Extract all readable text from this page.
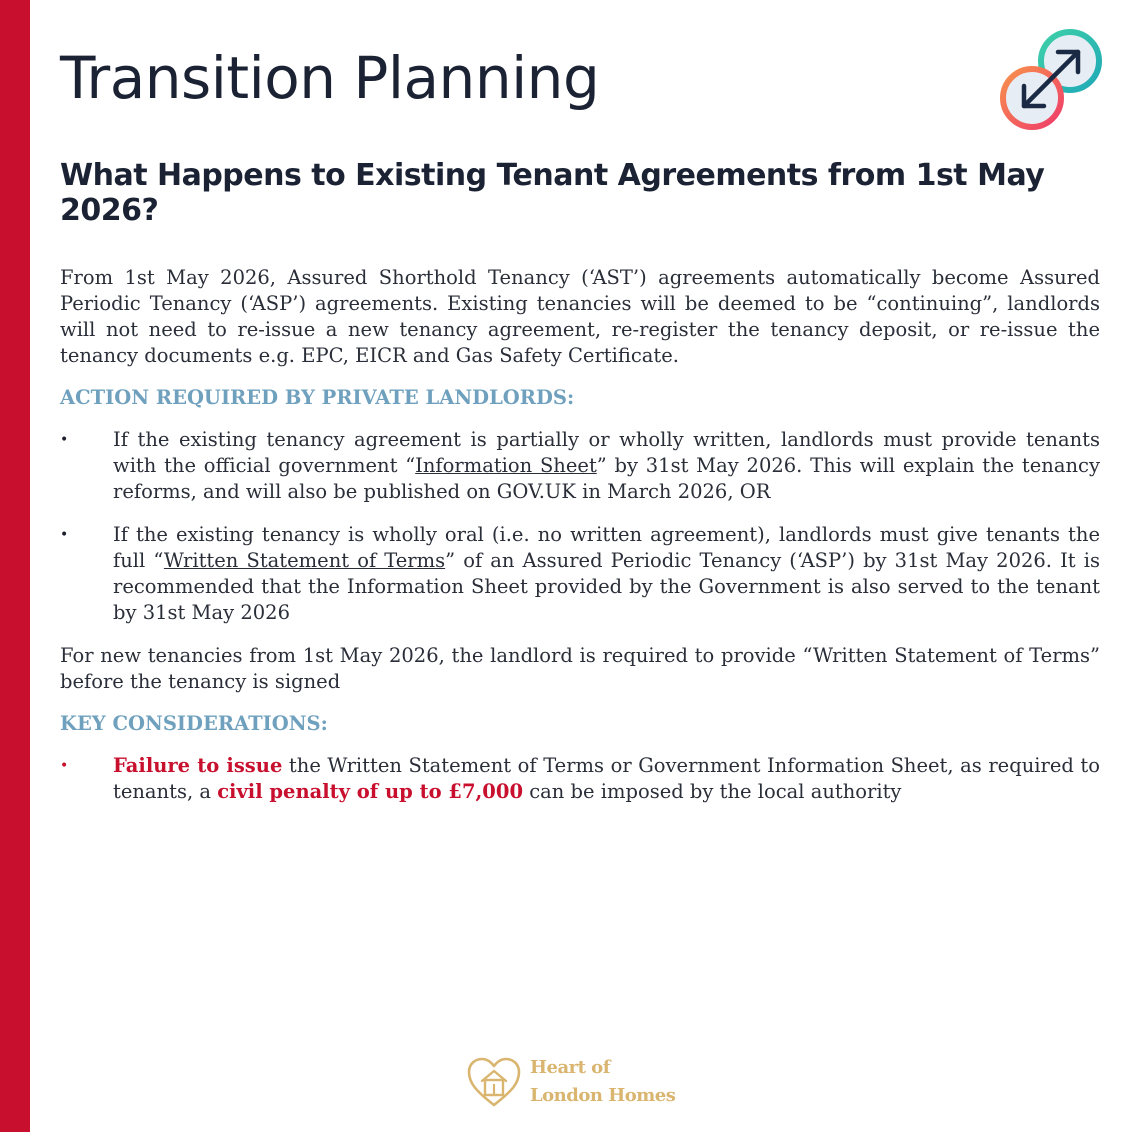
Transition Planning
What Happens to Existing Tenant Agreements from 1st May 2026?

From 1st May 2026, Assured Shorthold Tenancy (‘AST’) agreements automatically become Assured Periodic Tenancy (‘ASP’) agreements. Existing tenancies will be deemed to be “continuing”, landlords will not need to re-issue a new tenancy agreement, re-register the tenancy deposit, or re-issue the tenancy documents e.g. EPC, EICR and Gas Safety Certificate.

ACTION REQUIRED BY PRIVATE LANDLORDS:
• If the existing tenancy agreement is partially or wholly written, landlords must provide tenants with the official government “Information Sheet” by 31st May 2026. This will explain the tenancy reforms, and will also be published on GOV.UK in March 2026, OR
• If the existing tenancy is wholly oral (i.e. no written agreement), landlords must give tenants the full “Written Statement of Terms” of an Assured Periodic Tenancy (‘ASP’) by 31st May 2026. It is recommended that the Information Sheet provided by the Government is also served to the tenant by 31st May 2026

For new tenancies from 1st May 2026, the landlord is required to provide “Written Statement of Terms” before the tenancy is signed

KEY CONSIDERATIONS:
• Failure to issue the Written Statement of Terms or Government Information Sheet, as required to tenants, a civil penalty of up to £7,000 can be imposed by the local authority
Heart of
London Homes
